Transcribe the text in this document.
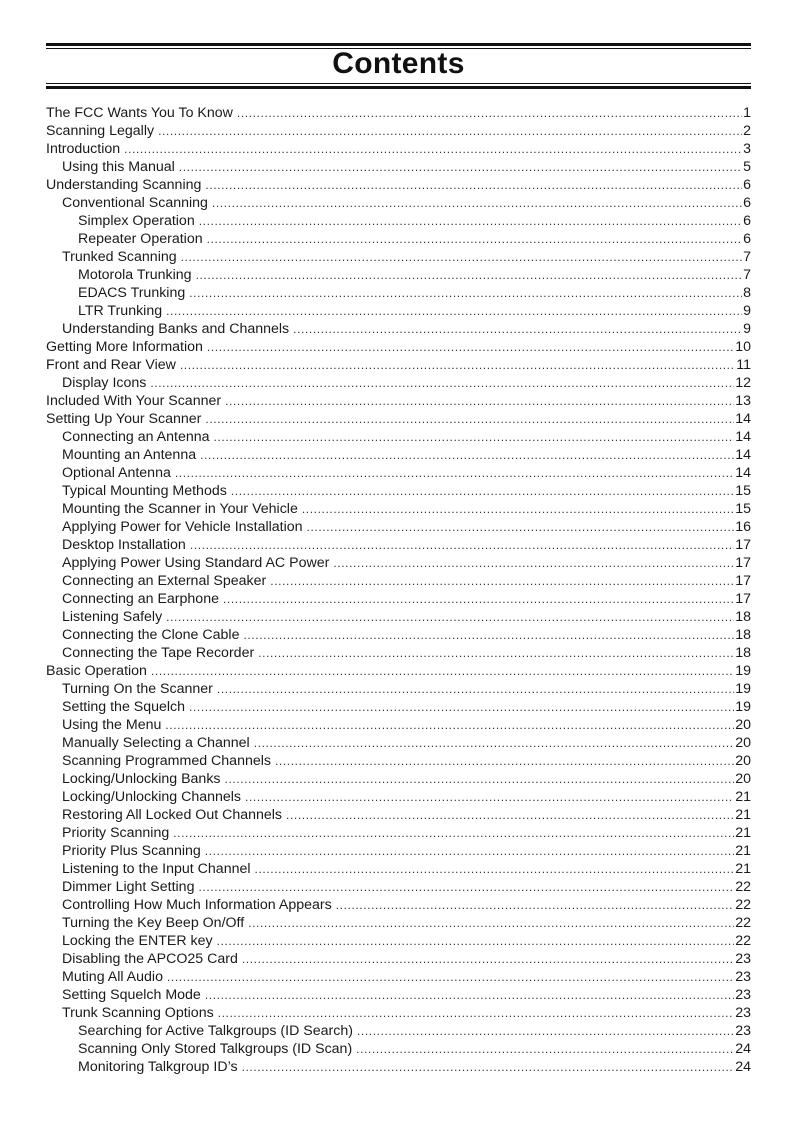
Contents
The FCC Wants You To Know .....	1
Scanning Legally .....	2
Introduction .....	3
Using this Manual .....	5
Understanding Scanning .....	6
Conventional Scanning .....	6
Simplex Operation .....	6
Repeater Operation .....	6
Trunked Scanning .....	7
Motorola Trunking .....	7
EDACS Trunking .....	8
LTR Trunking .....	9
Understanding Banks and Channels .....	9
Getting More Information .....	10
Front and Rear View .....	11
Display Icons .....	12
Included With Your Scanner .....	13
Setting Up Your Scanner .....	14
Connecting an Antenna .....	14
Mounting an Antenna .....	14
Optional Antenna .....	14
Typical Mounting Methods .....	15
Mounting the Scanner in Your Vehicle .....	15
Applying Power for Vehicle Installation .....	16
Desktop Installation .....	17
Applying Power Using Standard AC Power .....	17
Connecting an External Speaker .....	17
Connecting an Earphone .....	17
Listening Safely .....	18
Connecting the Clone Cable .....	18
Connecting the Tape Recorder .....	18
Basic Operation .....	19
Turning On the Scanner .....	19
Setting the Squelch .....	19
Using the Menu .....	20
Manually Selecting a Channel .....	20
Scanning Programmed Channels .....	20
Locking/Unlocking Banks .....	20
Locking/Unlocking Channels .....	21
Restoring All Locked Out Channels .....	21
Priority Scanning .....	21
Priority Plus Scanning .....	21
Listening to the Input Channel .....	21
Dimmer Light Setting .....	22
Controlling How Much Information Appears .....	22
Turning the Key Beep On/Off .....	22
Locking the ENTER key .....	22
Disabling the APCO25 Card .....	23
Muting All Audio .....	23
Setting Squelch Mode .....	23
Trunk Scanning Options .....	23
Searching for Active Talkgroups (ID Search) .....	23
Scanning Only Stored Talkgroups (ID Scan) .....	24
Monitoring Talkgroup ID’s .....	24
